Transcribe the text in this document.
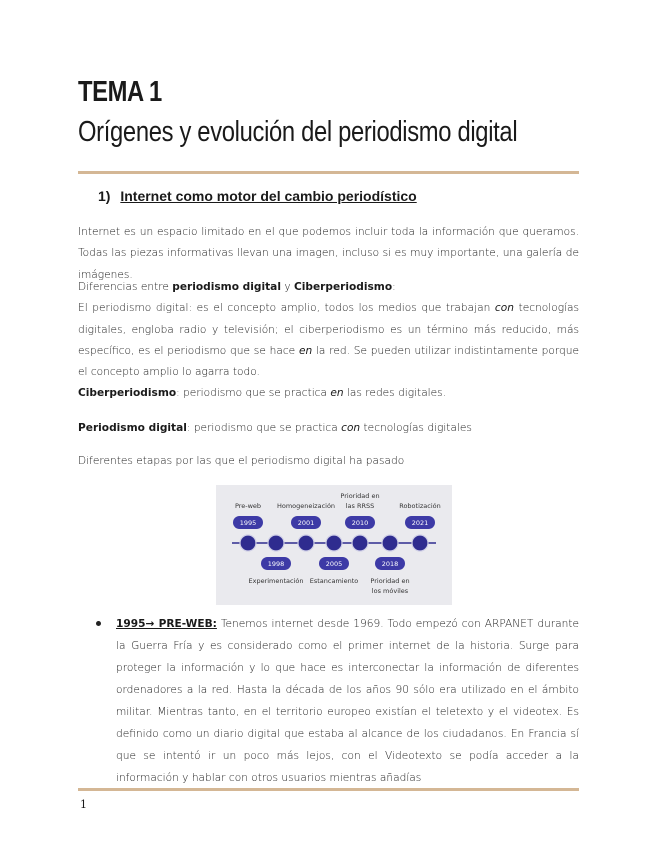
TEMA 1
Orígenes y evolución del periodismo digital
1) Internet como motor del cambio periodístico

Internet es un espacio limitado en el que podemos incluir toda la información que queramos. Todas las piezas informativas llevan una imagen, incluso si es muy importante, una galería de imágenes.

Diferencias entre periodismo digital y Ciberperiodismo:
El periodismo digital: es el concepto amplio, todos los medios que trabajan con tecnologías digitales, engloba radio y televisión; el ciberperiodismo es un término más reducido, más específico, es el periodismo que se hace en la red. Se pueden utilizar indistintamente porque el concepto amplio lo agarra todo.
Ciberperiodismo: periodismo que se practica en las redes digitales.

Periodismo digital: periodismo que se practica con tecnologías digitales

Diferentes etapas por las que el periodismo digital ha pasado

Pre-web Homogeneización
Prioridad en
las RRSS	Robotización
1995	2001	2010	2021
1998	2005	2018
Experimentación Estancamiento Prioridad en
los móviles

1995→ PRE-WEB: Tenemos internet desde 1969. Todo empezó con ARPANET durante la Guerra Fría y es considerado como el primer internet de la historia. Surge para proteger la información y lo que hace es interconectar la información de diferentes ordenadores a la red. Hasta la década de los años 90 sólo era utilizado en el ámbito militar. Mientras tanto, en el territorio europeo existían el teletexto y el videotex. Es definido como un diario digital que estaba al alcance de los ciudadanos. En Francia sí que se intentó ir un poco más lejos, con el Videotexto se podía acceder a la información y hablar con otros usuarios mientras añadías

1
